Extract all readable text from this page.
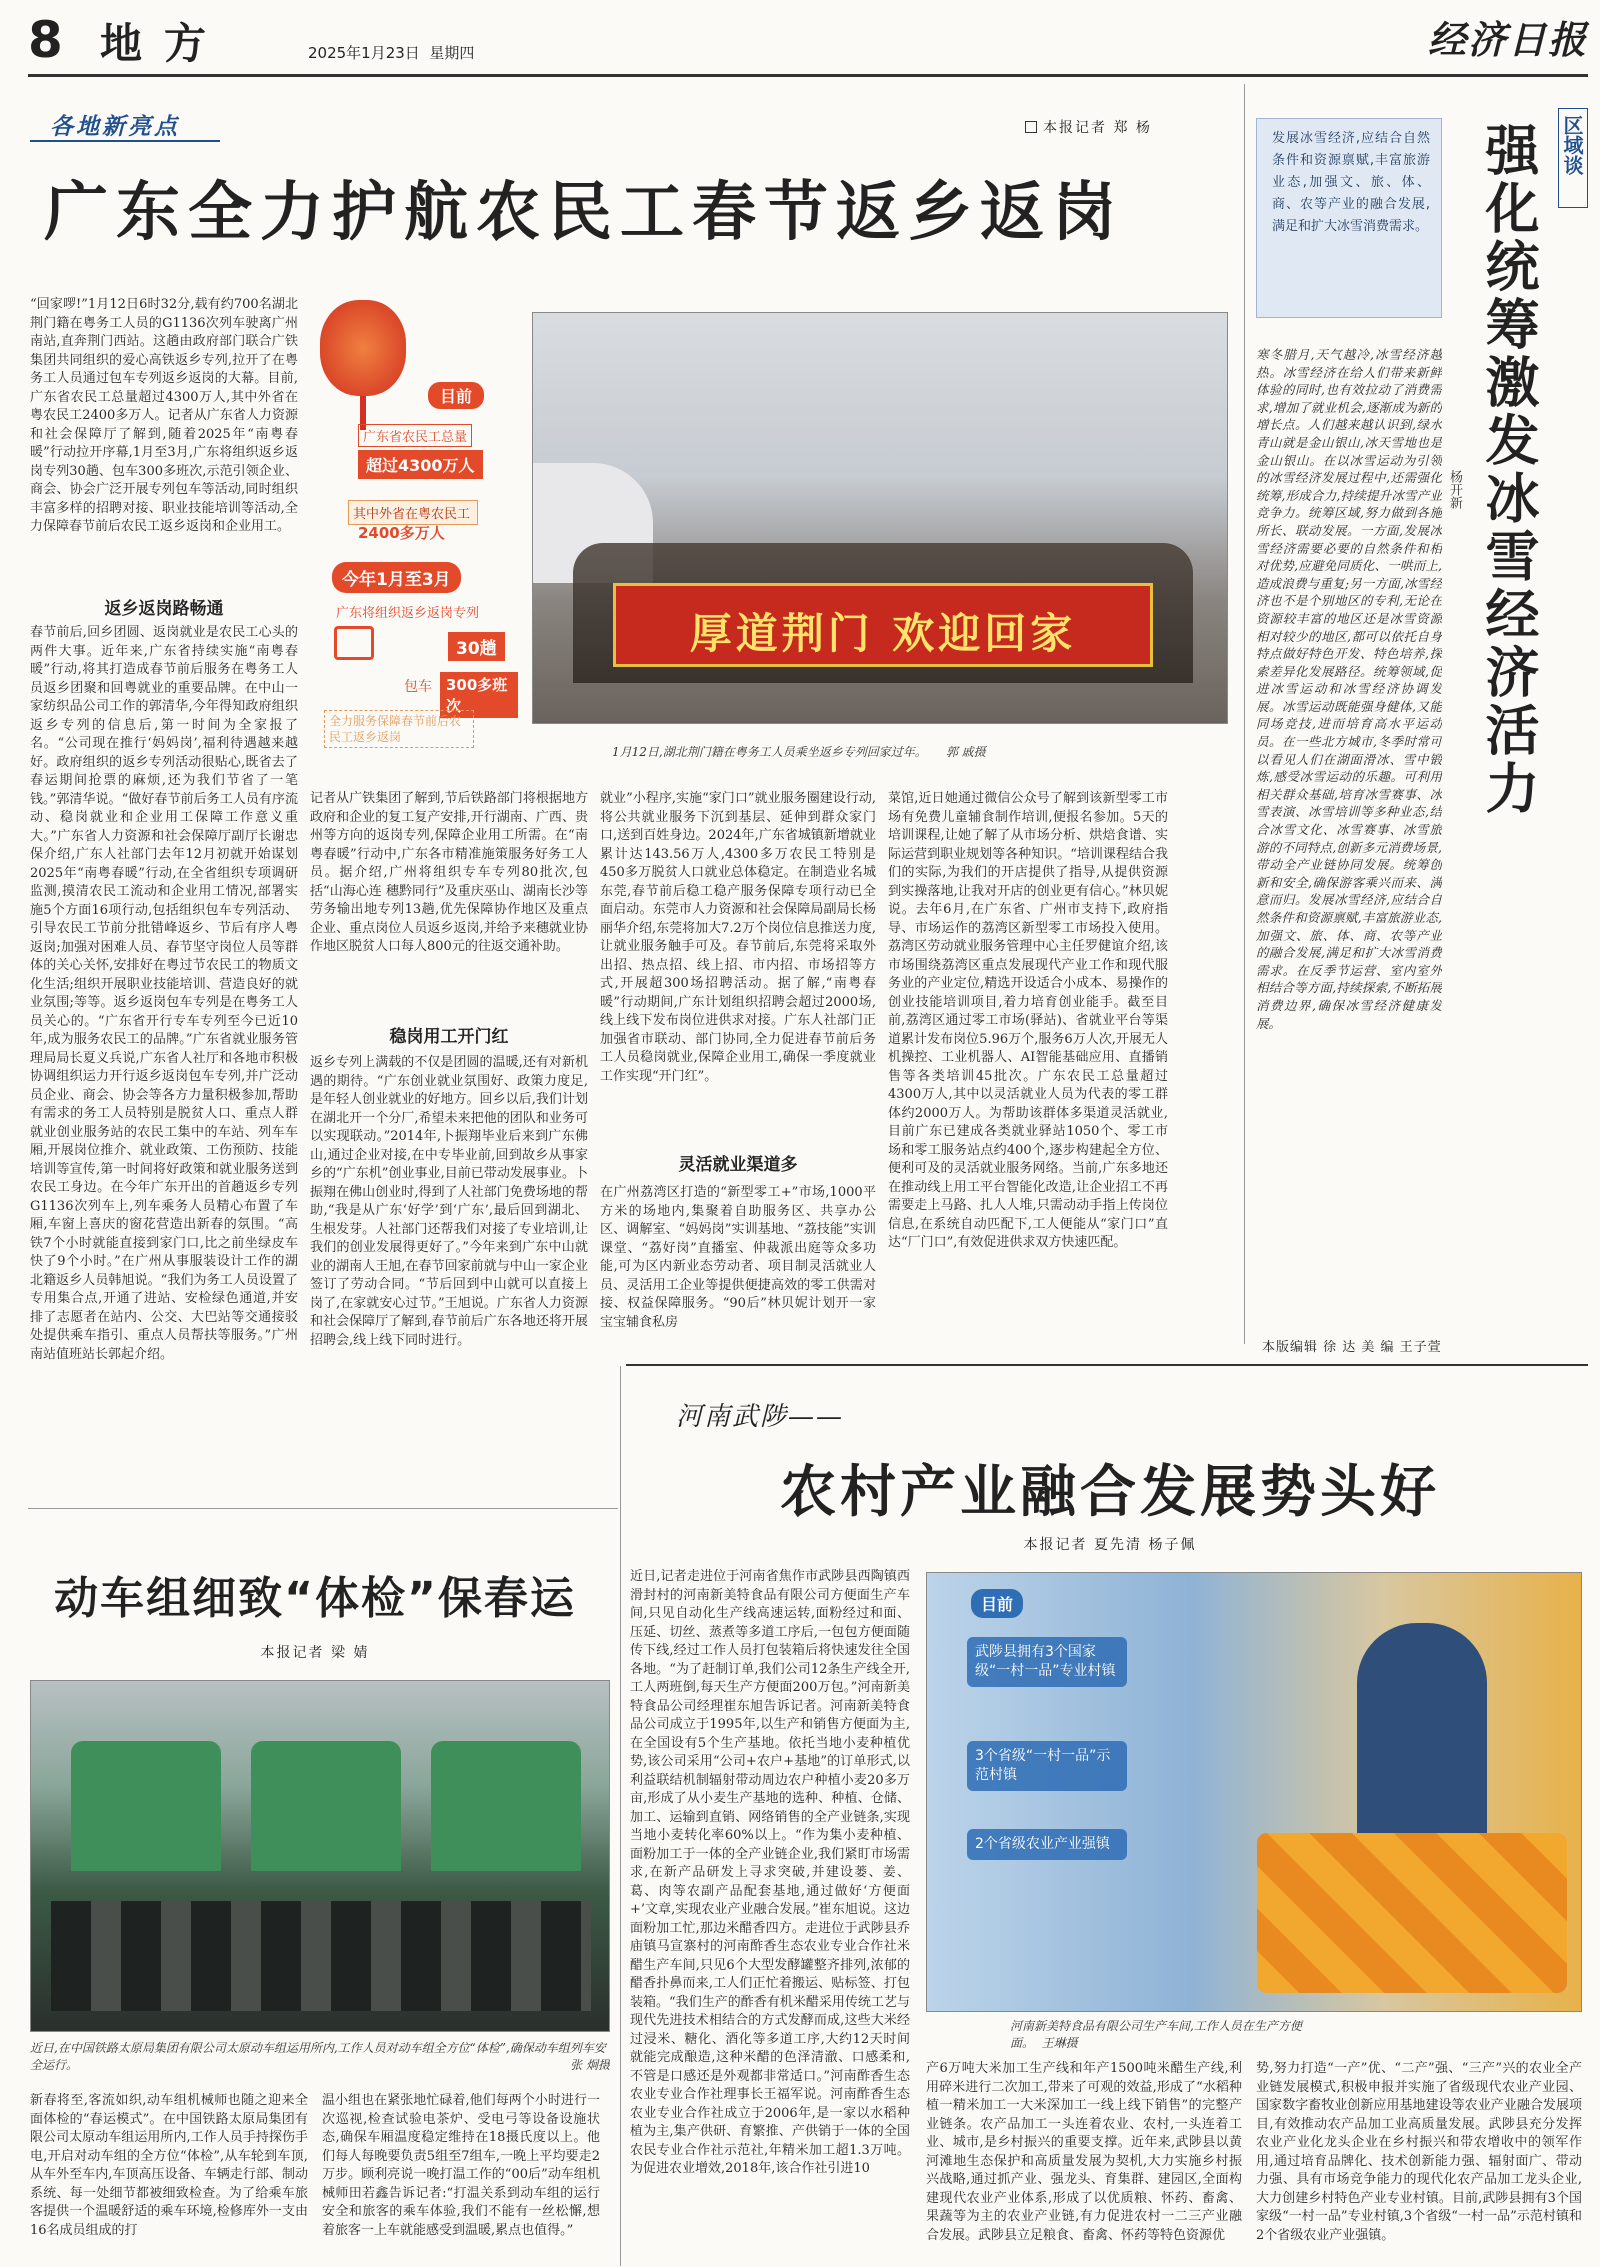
8 地方	2025年1月23日 星期四	经济日报
各地新亮点	本报记者 郑 杨
广东全力护航农民工春节返乡返岗
“回家啰!”1月12日6时32分,载有约700名湖北荆门籍在粤务工人员的G1136次列车驶离广州南站,直奔荆门西站。这趟由政府部门联合广铁集团共同组织的爱心高铁返乡专列,拉开了在粤务工人员通过包车专列返乡返岗的大幕。目前,广东省农民工总量超过4300万人,其中外省在粤农民工2400多万人。记者从广东省人力资源和社会保障厅了解到,随着2025年“南粤春暖”行动拉开序幕,1月至3月,广东将组织返乡返岗专列30趟、包车300多班次,示范引领企业、商会、协会广泛开展专列包车等活动,同时组织丰富多样的招聘对接、职业技能培训等活动,全力保障春节前后农民工返乡返岗和企业用工。
目前
广东省农民工总量
超过4300万人
其中外省在粤农民工
2400多万人
今年1月至3月
广东将组织返乡返岗专列
30趟
包车 300多班次
全力服务保障春节前后农民工返乡返岗
厚道荆门 欢迎回家
1月12日,湖北荆门籍在粤务工人员乘坐返乡专列回家过年。 郭 戚摄
返乡返岗路畅通
春节前后,回乡团圆、返岗就业是农民工心头的两件大事。近年来,广东省持续实施“南粤春暖”行动,将其打造成春节前后服务在粤务工人员返乡团聚和回粤就业的重要品牌。在中山一家纺织品公司工作的郭清华,今年得知政府组织返乡专列的信息后,第一时间为全家报了名。“公司现在推行‘妈妈岗’,福利待遇越来越好。政府组织的返乡专列活动很贴心,既省去了春运期间抢票的麻烦,还为我们节省了一笔钱。”郭清华说。“做好春节前后务工人员有序流动、稳岗就业和企业用工保障工作意义重大。”广东省人力资源和社会保障厅副厅长谢忠保介绍,广东人社部门去年12月初就开始谋划2025年“南粤春暖”行动,在全省组织专项调研监测,摸清农民工流动和企业用工情况,部署实施5个方面16项行动,包括组织包车专列活动、引导农民工节前分批错峰返乡、节后有序人粤返岗;加强对困难人员、春节坚守岗位人员等群体的关心关怀,安排好在粤过节农民工的物质文化生活;组织开展职业技能培训、营造良好的就业氛围;等等。返乡返岗包车专列是在粤务工人员关心的。“广东省开行专车专列至今已近10年,成为服务农民工的品牌。”广东省就业服务管理局局长夏义兵说,广东省人社厅和各地市积极协调组织运力开行返乡返岗包车专列,并广泛动员企业、商会、协会等各方力量积极参加,帮助有需求的务工人员特别是脱贫人口、重点人群就业创业服务站的农民工集中的车站、列车车厢,开展岗位推介、就业政策、工伤预防、技能培训等宣传,第一时间将好政策和就业服务送到农民工身边。在今年广东开出的首趟返乡专列G1136次列车上,列车乘务人员精心布置了车厢,车窗上喜庆的窗花营造出新春的氛围。“高铁7个小时就能直接到家门口,比之前坐绿皮车快了9个小时。”在广州从事服装设计工作的湖北籍返乡人员韩旭说。“我们为务工人员设置了专用集合点,开通了进站、安检绿色通道,并安排了志愿者在站内、公交、大巴站等交通接驳处提供乘车指引、重点人员帮扶等服务。”广州南站值班站长郭起介绍。
记者从广铁集团了解到,节后铁路部门将根据地方政府和企业的复工复产安排,开行湖南、广西、贵州等方向的返岗专列,保障企业用工所需。在“南粤春暖”行动中,广东各市精准施策服务好务工人员。据介绍,广州将组织专车专列80批次,包括“山海心连 穗黔同行”及重庆巫山、湖南长沙等劳务输出地专列13趟,优先保障协作地区及重点企业、重点岗位人员返乡返岗,并给予来穗就业协作地区脱贫人口每人800元的往返交通补助。
稳岗用工开门红
返乡专列上满载的不仅是团圆的温暖,还有对新机遇的期待。“广东创业就业氛围好、政策力度足,是年轻人创业就业的好地方。回乡以后,我们计划在湖北开一个分厂,希望未来把他的团队和业务可以实现联动。”2014年,卜振翔毕业后来到广东佛山,通过企业对接,在中专毕业前,回到故乡从事家乡的“广东机”创业事业,目前已带动发展事业。卜振翔在佛山创业时,得到了人社部门免费场地的帮助,“我是从广东‘好学’到‘广东’,最后回到湖北、生根发芽。人社部门还帮我们对接了专业培训,让我们的创业发展得更好了。”今年来到广东中山就业的湖南人王旭,在春节回家前就与中山一家企业签订了劳动合同。“节后回到中山就可以直接上岗了,在家就安心过节。”王旭说。广东省人力资源和社会保障厅了解到,春节前后广东各地还将开展招聘会,线上线下同时进行。
就业”小程序,实施“家门口”就业服务圈建设行动,将公共就业服务下沉到基层、延伸到群众家门口,送到百姓身边。2024年,广东省城镇新增就业累计达143.56万人,4300多万农民工特别是450多万脱贫人口就业总体稳定。在制造业名城东莞,春节前后稳工稳产服务保障专项行动已全面启动。东莞市人力资源和社会保障局副局长杨丽华介绍,东莞将加大7.2万个岗位信息推送力度,让就业服务触手可及。春节前后,东莞将采取外出招、热点招、线上招、市内招、市场招等方式,开展超300场招聘活动。据了解,“南粤春暖”行动期间,广东计划组织招聘会超过2000场,线上线下发布岗位进供求对接。广东人社部门正加强省市联动、部门协同,全力促进春节前后务工人员稳岗就业,保障企业用工,确保一季度就业工作实现“开门红”。
灵活就业渠道多
在广州荔湾区打造的“新型零工+”市场,1000平方米的场地内,集聚着自助服务区、共享办公区、调解室、“妈妈岗”实训基地、“荔技能”实训课堂、“荔好岗”直播室、仲裁派出庭等众多功能,可为区内新业态劳动者、项目制灵活就业人员、灵活用工企业等提供便捷高效的零工供需对接、权益保障服务。“90后”林贝妮计划开一家宝宝辅食私房
菜馆,近日她通过微信公众号了解到该新型零工市场有免费儿童辅食制作培训,便报名参加。5天的培训课程,让她了解了从市场分析、烘焙食谱、实际运营到职业规划等各种知识。“培训课程结合我们的实际,为我们的开店提供了指导,从提供资源到实操落地,让我对开店的创业更有信心。”林贝妮说。去年6月,在广东省、广州市支持下,政府指导、市场运作的荔湾区新型零工市场投入使用。荔湾区劳动就业服务管理中心主任罗健谊介绍,该市场围绕荔湾区重点发展现代产业工作和现代服务业的产业定位,精选开设适合小成本、易操作的创业技能培训项目,着力培育创业能手。截至目前,荔湾区通过零工市场(驿站)、省就业平台等渠道累计发布岗位5.96万个,服务6万人次,开展无人机操控、工业机器人、AI智能基础应用、直播销售等各类培训45批次。广东农民工总量超过4300万人,其中以灵活就业人员为代表的零工群体约2000万人。为帮助该群体多渠道灵活就业,目前广东已建成各类就业驿站1050个、零工市场和零工服务站点约400个,逐步构建起全方位、便利可及的灵活就业服务网络。当前,广东多地还在推动线上用工平台智能化改造,让企业招工不再需要走上马路、扎人人堆,只需动动手指上传岗位信息,在系统自动匹配下,工人便能从“家门口”直达“厂门口”,有效促进供求双方快速匹配。
发展冰雪经济,应结合自然条件和资源禀赋,丰富旅游业态,加强文、旅、体、商、农等产业的融合发展,满足和扩大冰雪消费需求。
区域谈
强化统筹激发冰雪经济活力
杨开新
寒冬腊月,天气越冷,冰雪经济越热。冰雪经济在给人们带来新鲜体验的同时,也有效拉动了消费需求,增加了就业机会,逐渐成为新的增长点。人们越来越认识到,绿水青山就是金山银山,冰天雪地也是金山银山。在以冰雪运动为引领的冰雪经济发展过程中,还需强化统筹,形成合力,持续提升冰雪产业竞争力。统筹区域,努力做到各施所长、联动发展。一方面,发展冰雪经济需要必要的自然条件和相对优势,应避免同质化、一哄而上,造成浪费与重复;另一方面,冰雪经济也不是个别地区的专利,无论在资源较丰富的地区还是冰雪资源相对较少的地区,都可以依托自身特点做好特色开发、特色培养,探索差异化发展路径。统筹领域,促进冰雪运动和冰雪经济协调发展。冰雪运动既能强身健体,又能同场竞技,进而培育高水平运动员。在一些北方城市,冬季时常可以看见人们在湖面滑冰、雪中锻炼,感受冰雪运动的乐趣。可利用相关群众基础,培育冰雪赛事、冰雪表演、冰雪培训等多种业态,结合冰雪文化、冰雪赛事、冰雪旅游的不同特点,创新多元消费场景,带动全产业链协同发展。统筹创新和安全,确保游客乘兴而来、满意而归。发展冰雪经济,应结合自然条件和资源禀赋,丰富旅游业态,加强文、旅、体、商、农等产业的融合发展,满足和扩大冰雪消费需求。在反季节运营、室内室外相结合等方面,持续探索,不断拓展消费边界,确保冰雪经济健康发展。
本版编辑 徐 达 美 编 王子萱
动车组细致“体检”保春运
本报记者 梁 婧
近日,在中国铁路太原局集团有限公司太原动车组运用所内,工作人员对动车组全方位“体检”,确保动车组列车安全运行。	张 炯摄
新春将至,客流如织,动车组机械师也随之迎来全面体检的“春运模式”。在中国铁路太原局集团有限公司太原动车组运用所内,工作人员手持探伤手电,开启对动车组的全方位“体检”,从车轮到车顶,从车外至车内,车顶高压设备、车辆走行部、制动系统、每一处细节都被细致检查。为了给乘车旅客提供一个温暖舒适的乘车环境,检修库外一支由16名成员组成的打
温小组也在紧张地忙碌着,他们每两个小时进行一次巡视,检查试验电茶炉、受电弓等设备设施状态,确保车厢温度稳定维持在18摄氏度以上。他们每人每晚要负责5组至7组车,一晚上平均要走2万步。顾利亮说一晚打温工作的“00后”动车组机械师田若鑫告诉记者:“打温关系到动车组的运行安全和旅客的乘车体验,我们不能有一丝松懈,想着旅客一上车就能感受到温暖,累点也值得。”
河南武陟——
农村产业融合发展势头好
本报记者 夏先清 杨子佩
近日,记者走进位于河南省焦作市武陟县西陶镇西滑封村的河南新美特食品有限公司方便面生产车间,只见自动化生产线高速运转,面粉经过和面、压延、切丝、蒸煮等多道工序后,一包包方便面随传下线,经过工作人员打包装箱后将快速发往全国各地。“为了赶制订单,我们公司12条生产线全开,工人两班倒,每天生产方便面200万包。”河南新美特食品公司经理崔东旭告诉记者。河南新美特食品公司成立于1995年,以生产和销售方便面为主,在全国设有5个生产基地。依托当地小麦种植优势,该公司采用“公司+农户+基地”的订单形式,以利益联结机制辐射带动周边农户种植小麦20多万亩,形成了从小麦生产基地的选种、种植、仓储、加工、运输到直销、网络销售的全产业链条,实现当地小麦转化率60%以上。“作为集小麦种植、面粉加工于一体的全产业链企业,我们紧盯市场需求,在新产品研发上寻求突破,并建设蒌、姜、葛、肉等农副产品配套基地,通过做好‘方便面+’文章,实现农业产业融合发展。”崔东旭说。这边面粉加工忙,那边米醋香四方。走进位于武陟县乔庙镇马宣寨村的河南酢香生态农业专业合作社米醋生产车间,只见6个大型发酵罐整齐排列,浓郁的醋香扑鼻而来,工人们正忙着搬运、贴标签、打包装箱。“我们生产的酢香有机米醋采用传统工艺与现代先进技术相结合的方式发酵而成,这些大米经过浸米、糖化、酒化等多道工序,大约12天时间就能完成酿造,这种米醋的色泽清澈、口感柔和,不管是口感还是外观都非常适口。”河南酢香生态农业专业合作社理事长王福军说。河南酢香生态农业专业合作社成立于2006年,是一家以水稻种植为主,集产供研、育繁推、产供销于一体的全国农民专业合作社示范社,年精米加工超1.3万吨。为促进农业增效,2018年,该合作社引进10
目前
武陟县拥有3个国家级“一村一品”专业村镇
3个省级“一村一品”示范村镇
2个省级农业产业强镇
河南新美特食品有限公司生产车间,工作人员在生产方便面。 王琳摄
产6万吨大米加工生产线和年产1500吨米醋生产线,利用碎米进行二次加工,带来了可观的效益,形成了“水稻种植一精米加工一大米深加工一线上线下销售”的完整产业链条。农产品加工一头连着农业、农村,一头连着工业、城市,是乡村振兴的重要支撑。近年来,武陟县以黄河滩地生态保护和高质量发展为契机,大力实施乡村振兴战略,通过抓产业、强龙头、育集群、建园区,全面构建现代农业产业体系,形成了以优质粮、怀药、畜禽、果蔬等为主的农业产业链,有力促进农村一二三产业融合发展。武陟县立足粮食、畜禽、怀药等特色资源优
势,努力打造“一产”优、“二产”强、“三产”兴的农业全产业链发展模式,积极申报并实施了省级现代农业产业园、国家数字畜牧业创新应用基地建设等农业产业融合发展项目,有效推动农产品加工业高质量发展。武陟县充分发挥农业产业化龙头企业在乡村振兴和带农增收中的领军作用,通过培育品牌化、技术创新能力强、辐射面广、带动力强、具有市场竞争能力的现代化农产品加工龙头企业,大力创建乡村特色产业专业村镇。目前,武陟县拥有3个国家级“一村一品”专业村镇,3个省级“一村一品”示范村镇和2个省级农业产业强镇。
